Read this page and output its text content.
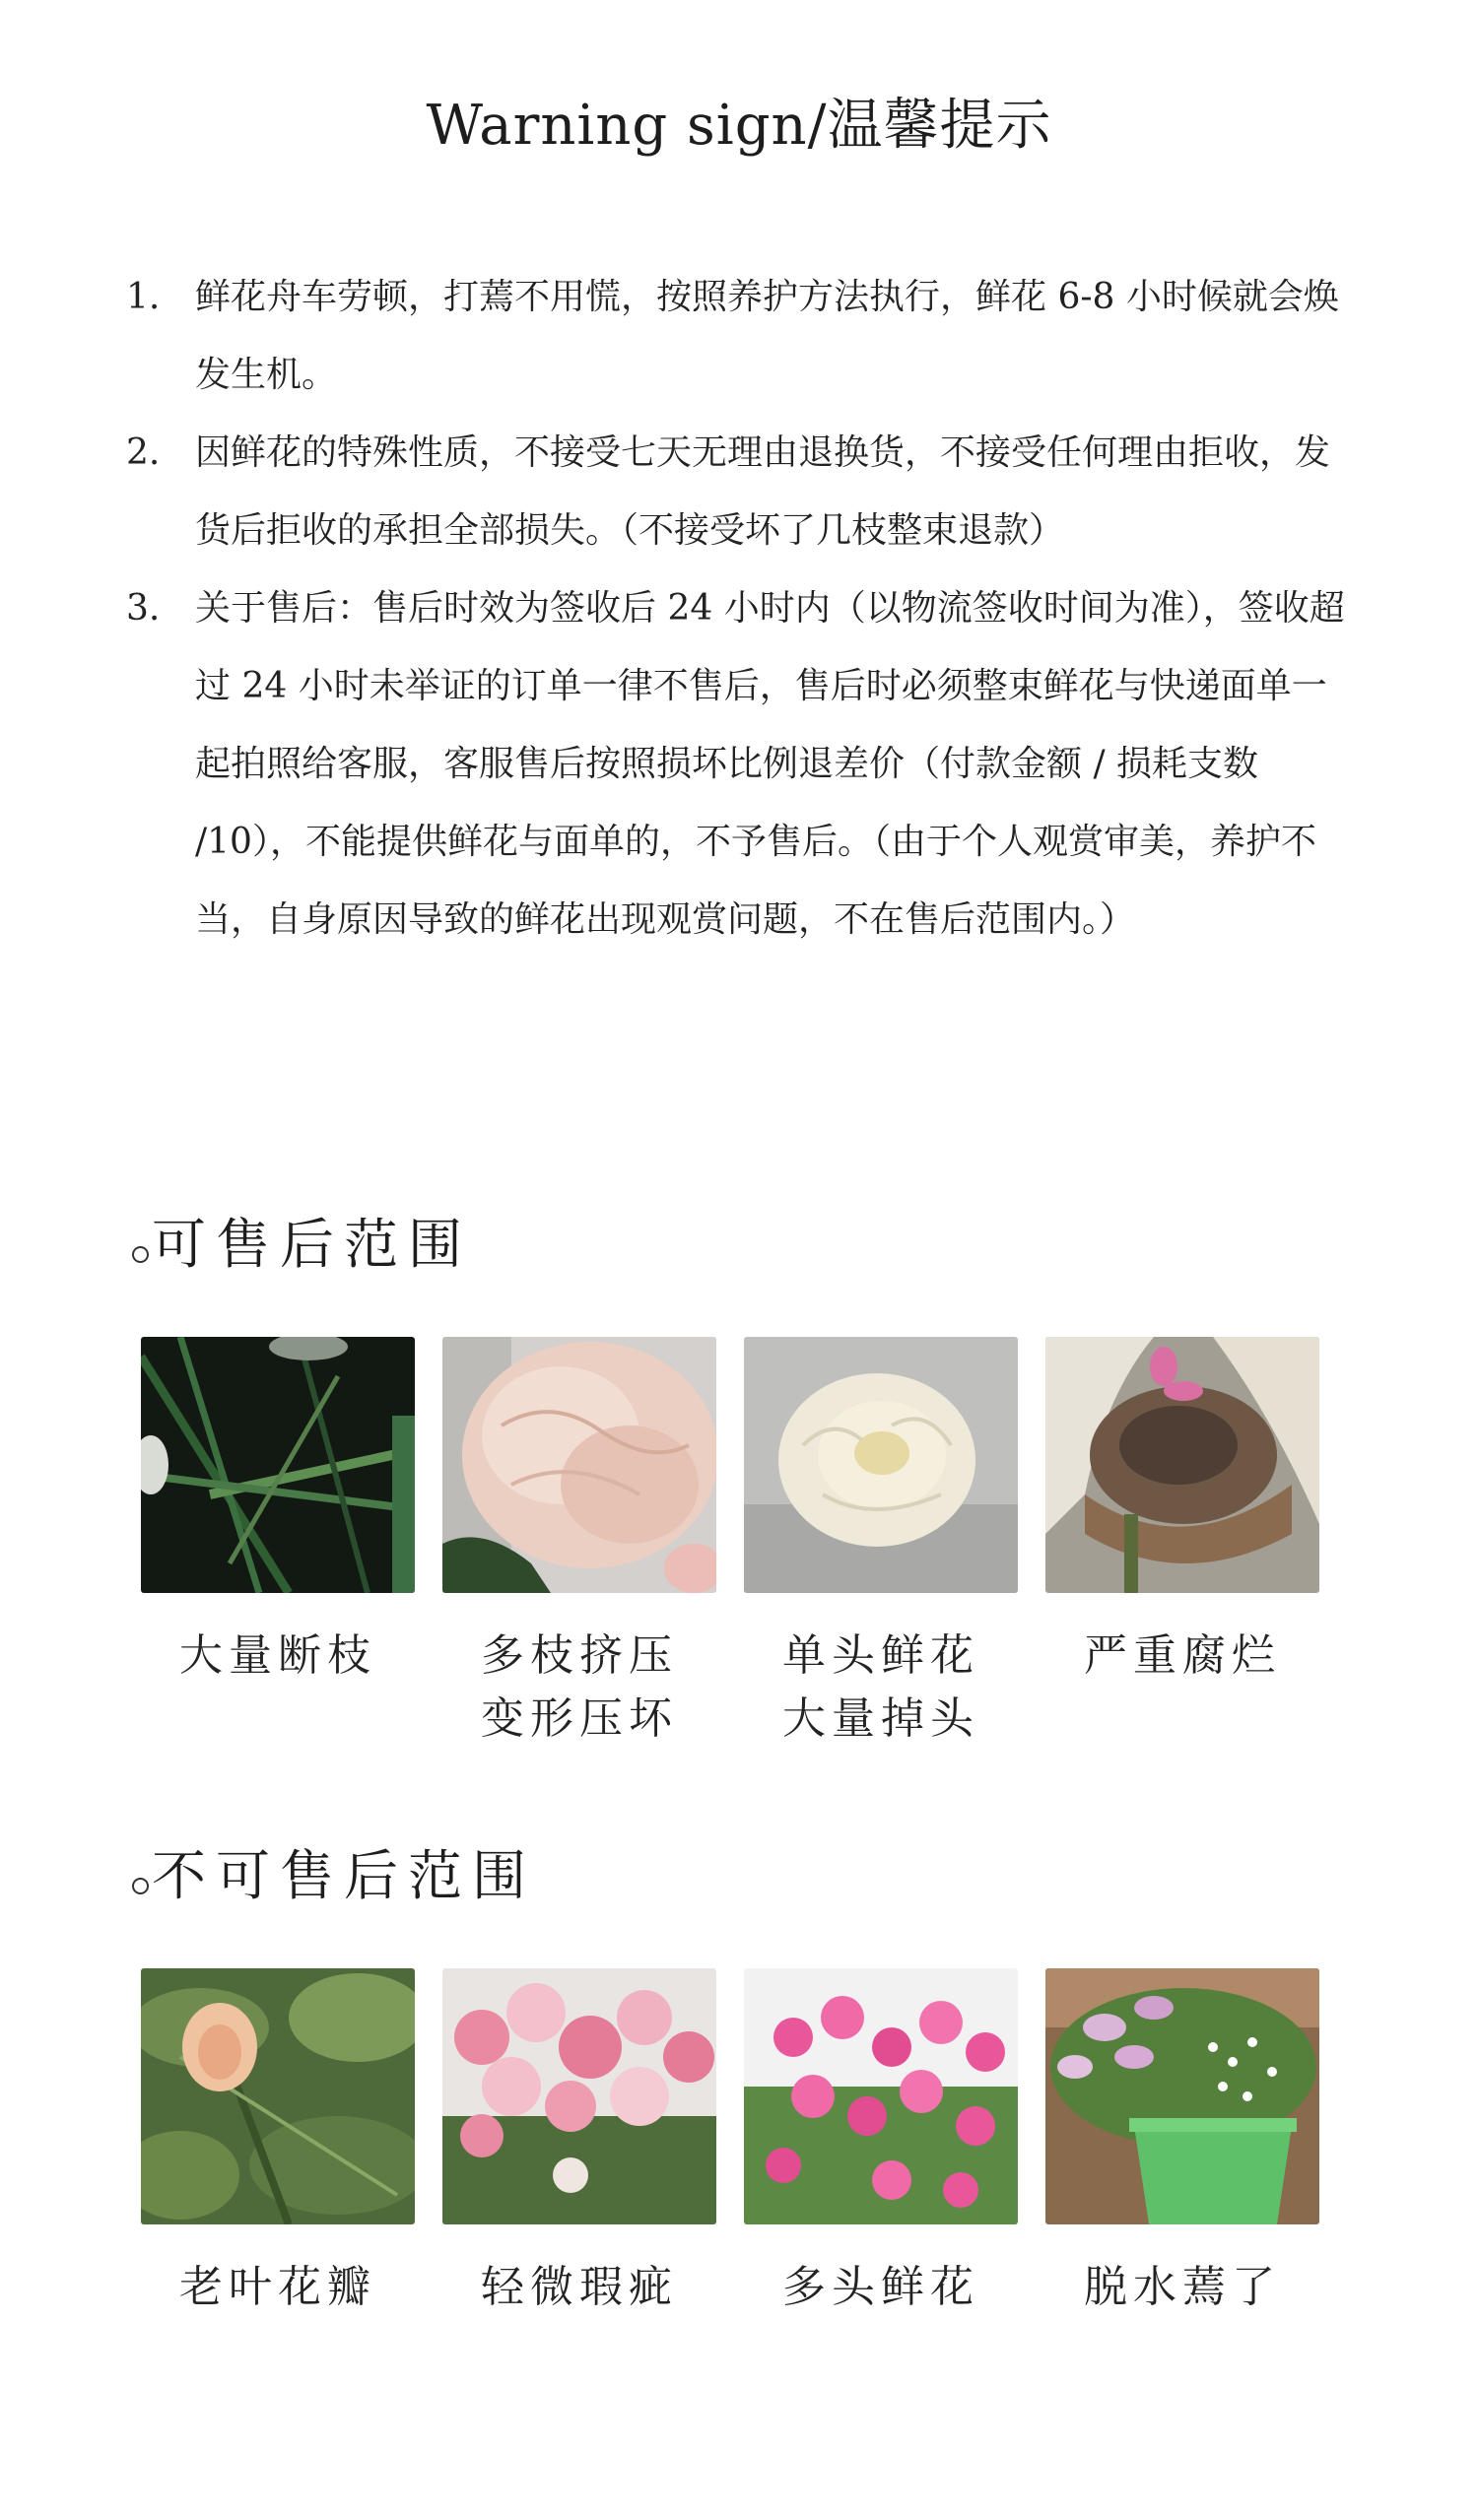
Warning sign/温馨提示
1. 鲜花舟车劳顿，打蔫不用慌，按照养护方法执行，鲜花 6-8 小时候就会焕发生机。
2. 因鲜花的特殊性质，不接受七天无理由退换货，不接受任何理由拒收，发货后拒收的承担全部损失。（不接受坏了几枝整束退款）
3. 关于售后：售后时效为签收后 24 小时内（以物流签收时间为准），签收超过 24 小时未举证的订单一律不售后，售后时必须整束鲜花与快递面单一起拍照给客服，客服售后按照损坏比例退差价（付款金额 / 损耗支数 /10），不能提供鲜花与面单的，不予售后。（由于个人观赏审美，养护不当，自身原因导致的鲜花出现观赏问题，不在售后范围内。）
可售后范围
大量断枝	多枝挤压
变形压坏
单头鲜花
大量掉头
严重腐烂
不可售后范围
老叶花瓣	轻微瑕疵	多头鲜花	脱水蔫了
